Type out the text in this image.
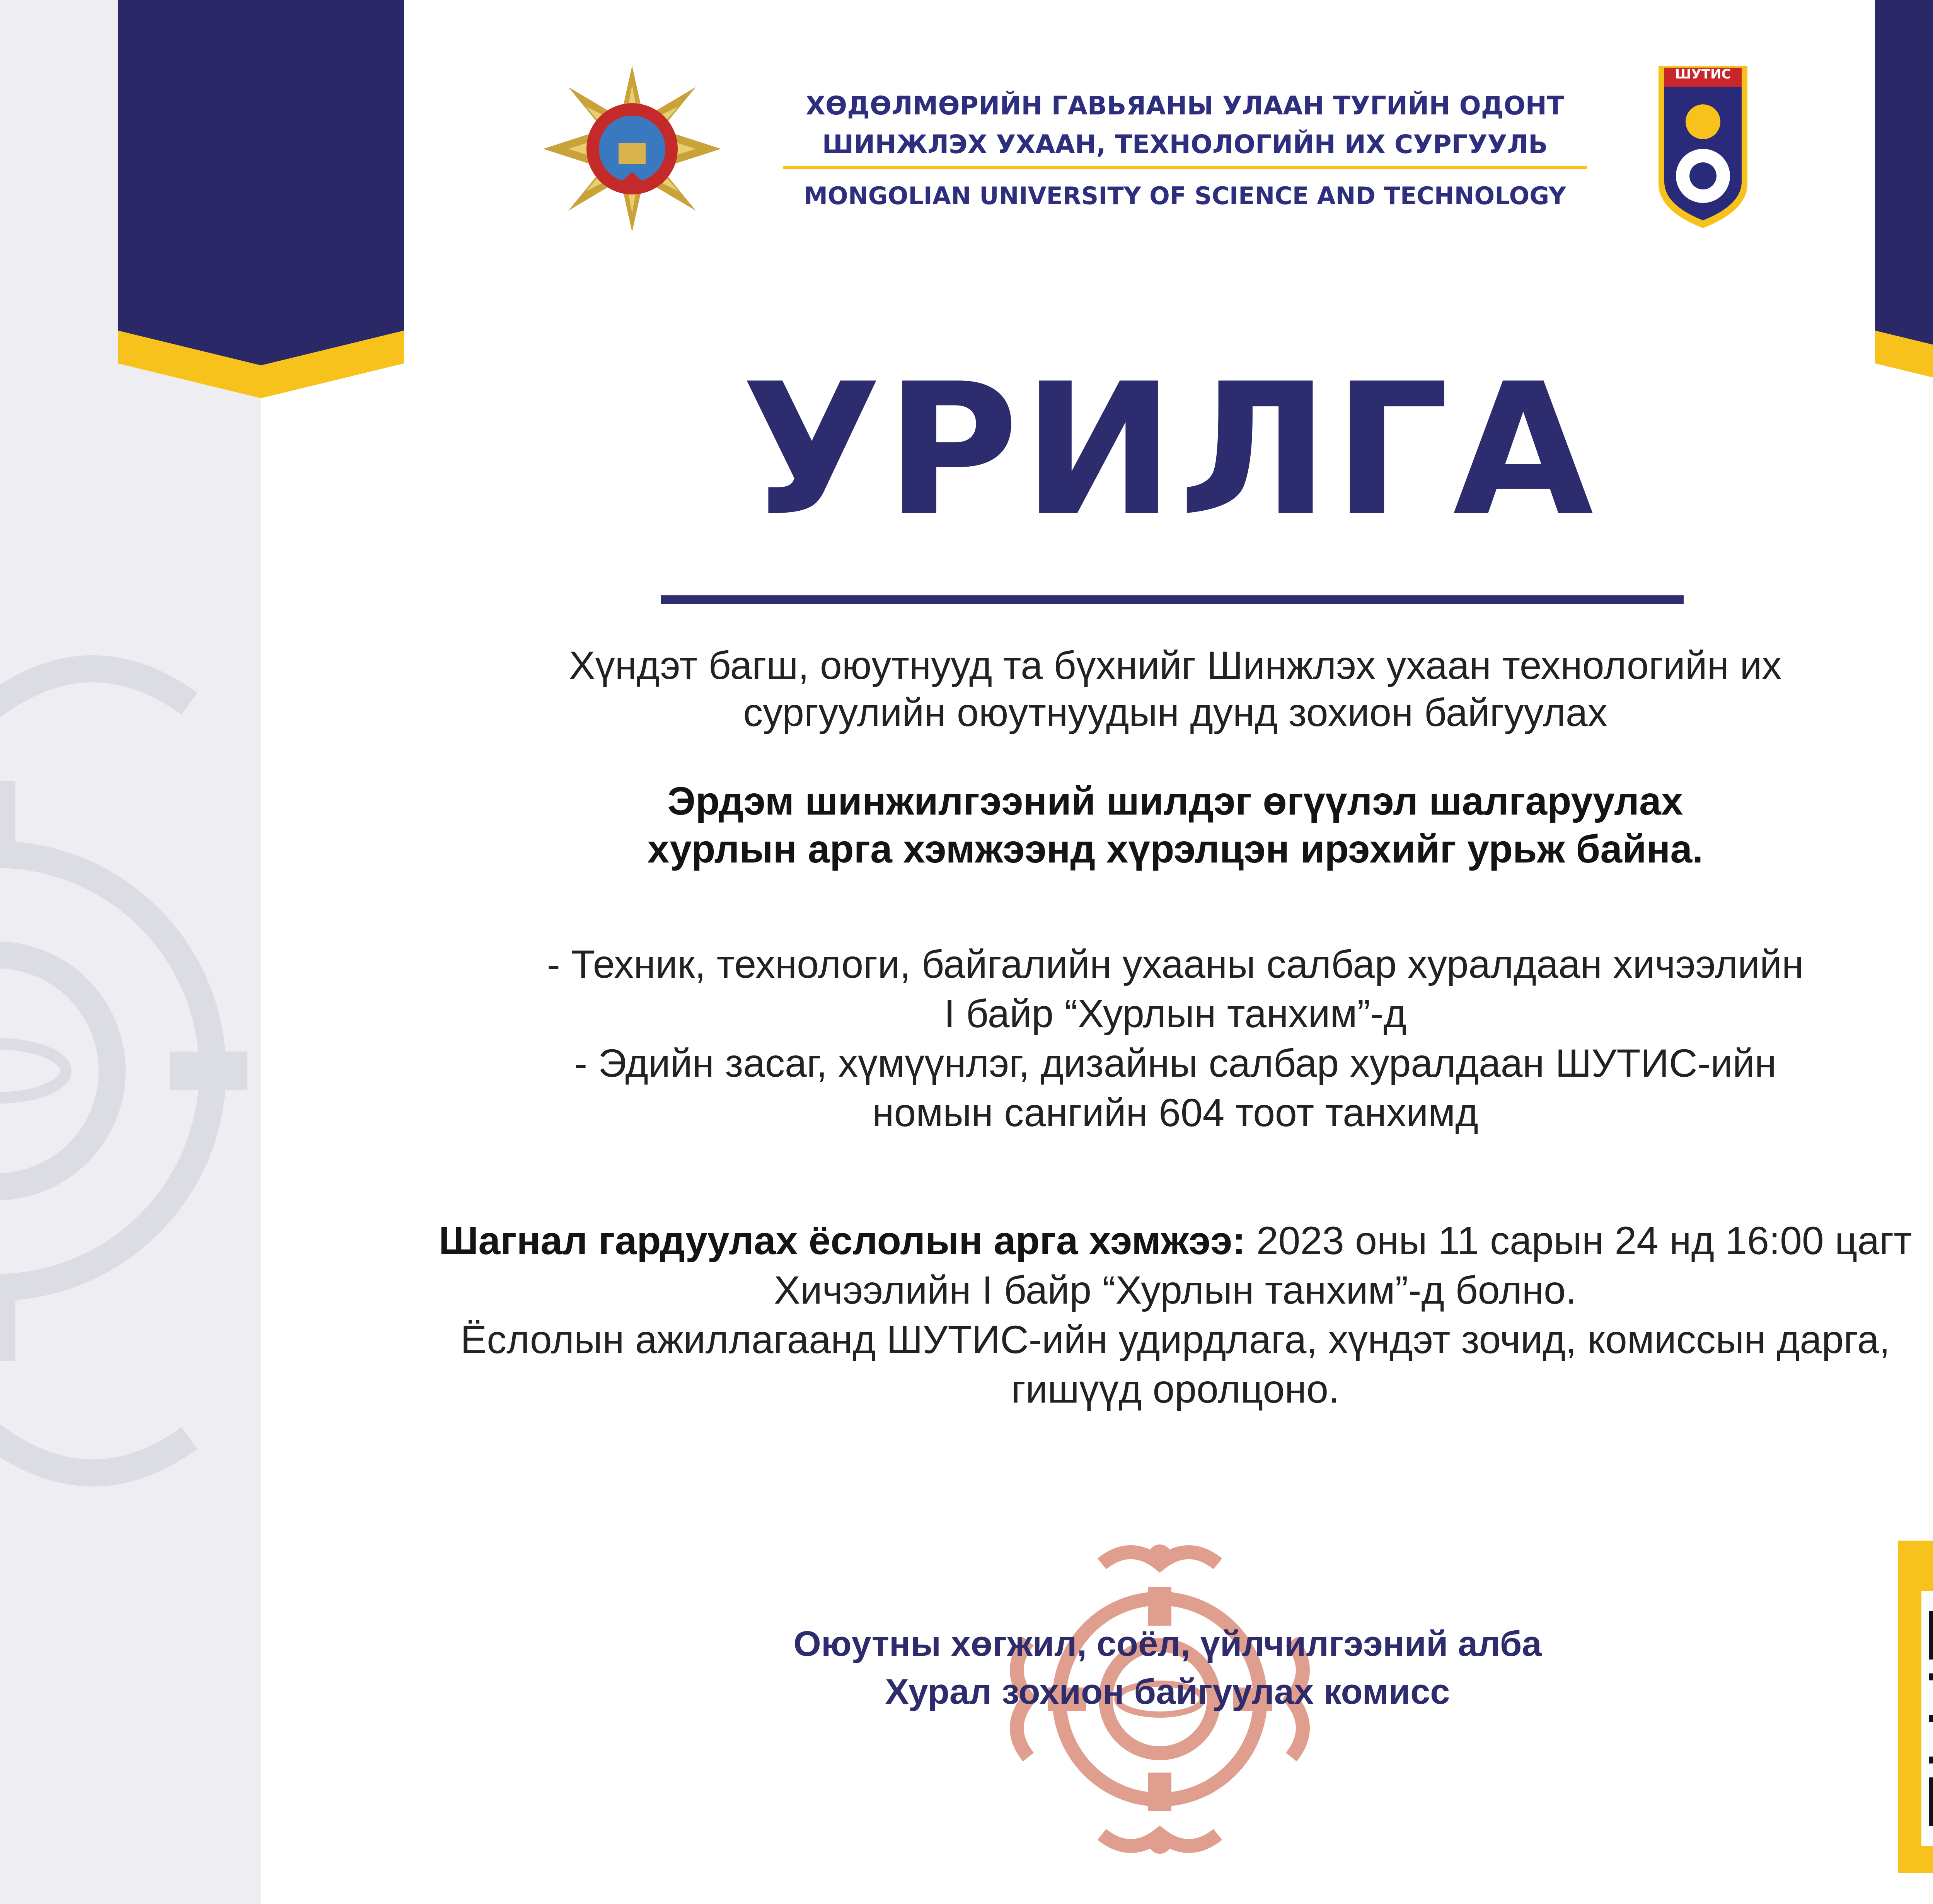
ХӨДӨЛМӨРИЙН ГАВЬЯАНЫ УЛААН ТУГИЙН ОДОНТ
ШИНЖЛЭХ УХААН, ТЕХНОЛОГИЙН ИХ СУРГУУЛЬ
MONGOLIAN UNIVERSITY OF SCIENCE AND TECHNOLOGY
ШУТИС
УРИЛГА
Хүндэт багш, оюутнууд та бүхнийг Шинжлэх ухаан технологийн их
сургуулийн оюутнуудын дунд зохион байгуулах
Эрдэм шинжилгээний шилдэг өгүүлэл шалгаруулах
хурлын арга хэмжээнд хүрэлцэн ирэхийг урьж байна.
- Техник, технологи, байгалийн ухааны салбар хуралдаан хичээлийн
I байр “Хурлын танхим”-д
- Эдийн засаг, хүмүүнлэг, дизайны салбар хуралдаан ШУТИС-ийн
номын сангийн 604 тоот танхимд
Шагнал гардуулах ёслолын арга хэмжээ: 2023 оны 11 сарын 24 нд 16:00 цагт
Хичээлийн I байр “Хурлын танхим”-д болно.
Ёслолын ажиллагаанд ШУТИС-ийн удирдлага, хүндэт зочид, комиссын дарга,
гишүүд оролцоно.
Оюутны хөгжил, соёл, үйлчилгээний алба
Хурал зохион байгуулах комисс
